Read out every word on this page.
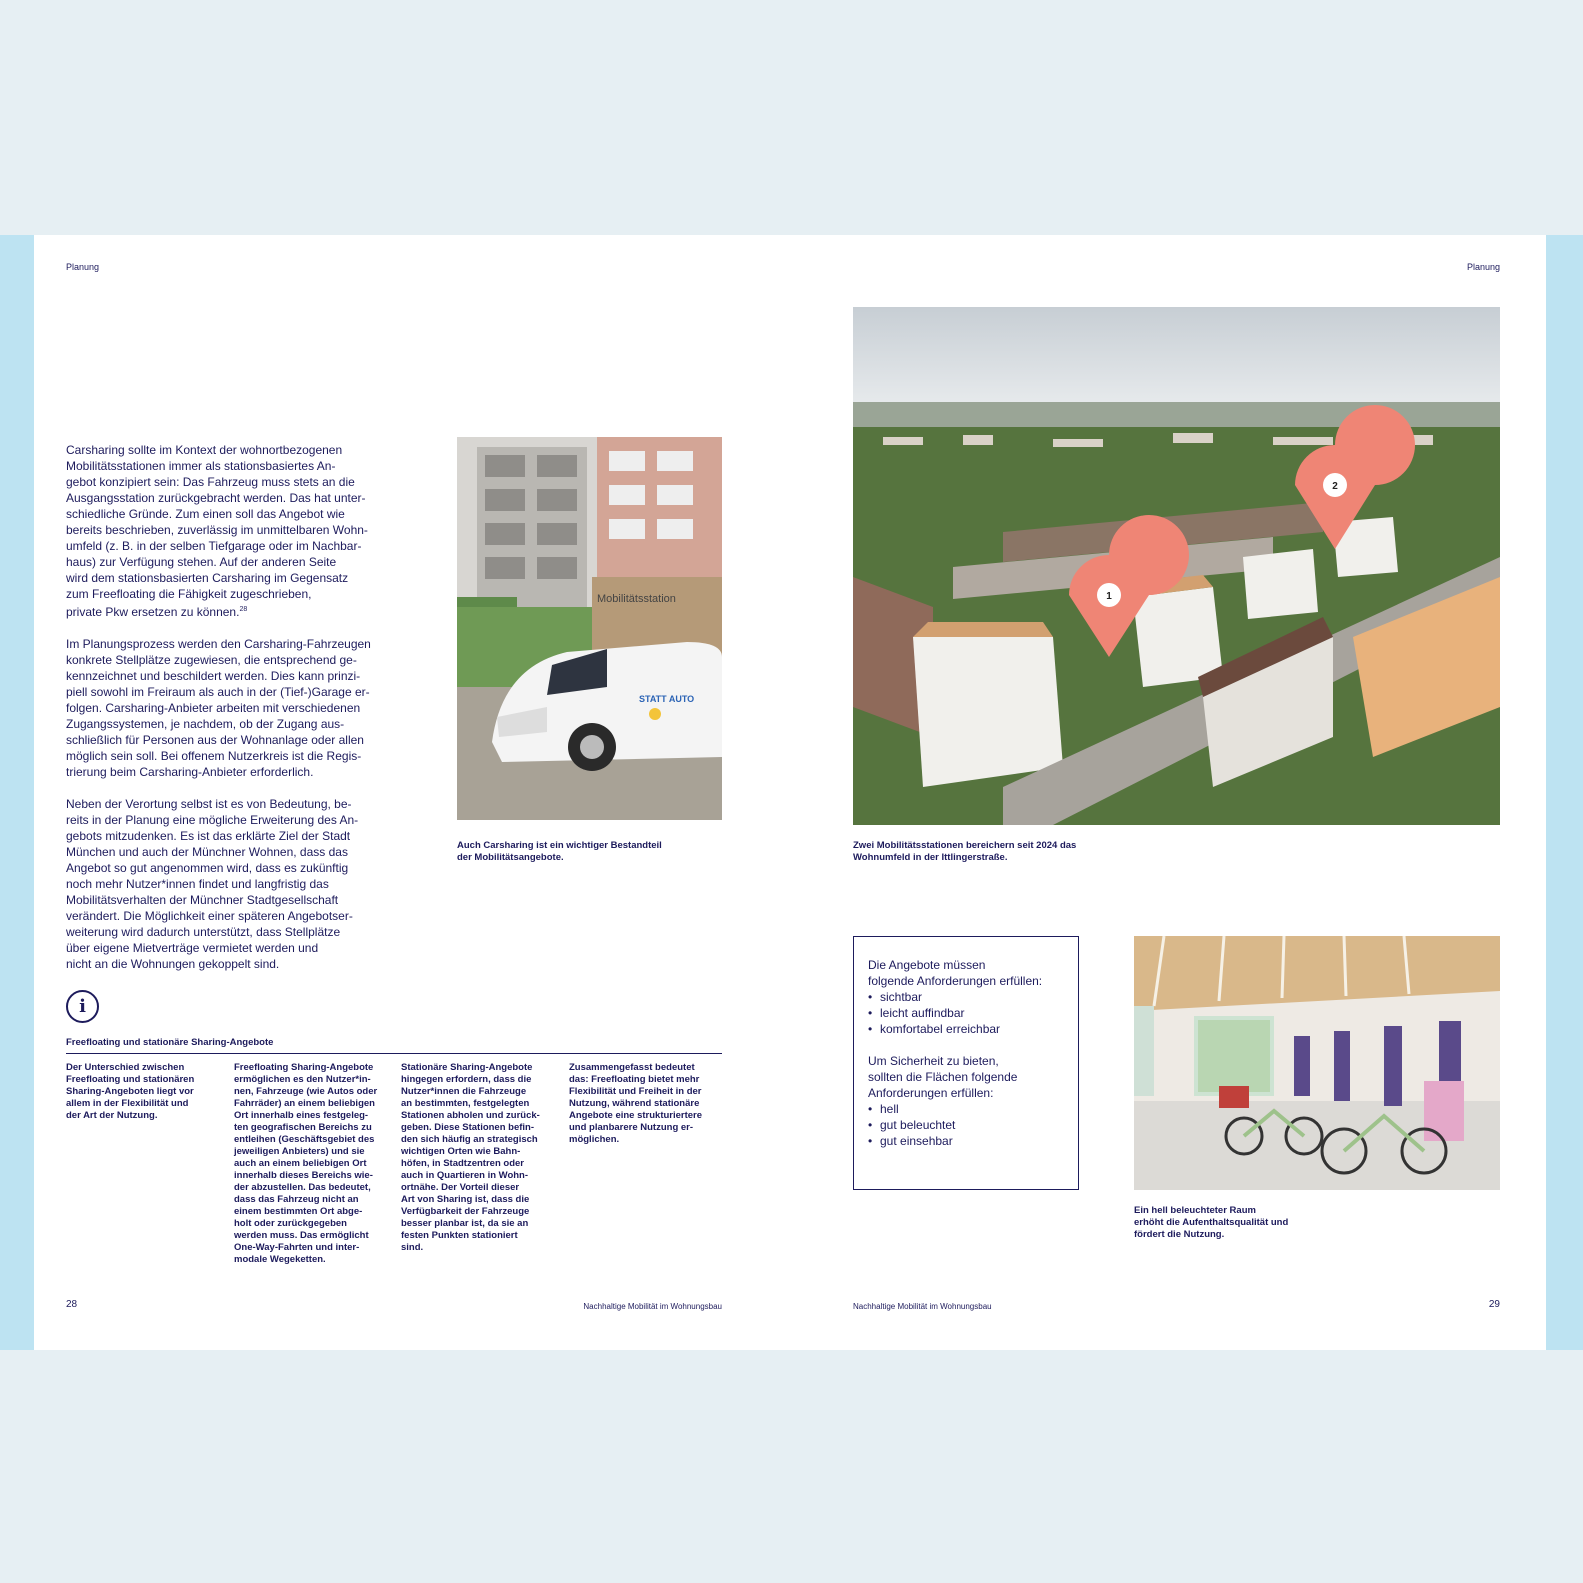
Planung
Carsharing sollte im Kontext der wohnortbezogenen
Mobilitätsstationen immer als stationsbasiertes An-
gebot konzipiert sein: Das Fahrzeug muss stets an die
Ausgangsstation zurückgebracht werden. Das hat unter-
schiedliche Gründe. Zum einen soll das Angebot wie
bereits beschrieben, zuverlässig im unmittelbaren Wohn-
umfeld (z. B. in der selben Tiefgarage oder im Nachbar-
haus) zur Verfügung stehen. Auf der anderen Seite
wird dem stationsbasierten Carsharing im Gegensatz
zum Freefloating die Fähigkeit zugeschrieben,
private Pkw ersetzen zu können.$^{28}$
Im Planungsprozess werden den Carsharing-Fahrzeugen
konkrete Stellplätze zugewiesen, die entsprechend ge-
kennzeichnet und beschildert werden. Dies kann prinzi-
piell sowohl im Freiraum als auch in der (Tief-)Garage er-
folgen. Carsharing-Anbieter arbeiten mit verschiedenen
Zugangssystemen, je nachdem, ob der Zugang aus-
schließlich für Personen aus der Wohnanlage oder allen
möglich sein soll. Bei offenem Nutzerkreis ist die Regis-
trierung beim Carsharing-Anbieter erforderlich.
Neben der Verortung selbst ist es von Bedeutung, be-
reits in der Planung eine mögliche Erweiterung des An-
gebots mitzudenken. Es ist das erklärte Ziel der Stadt
München und auch der Münchner Wohnen, dass das
Angebot so gut angenommen wird, dass es zukünftig
noch mehr Nutzer*innen findet und langfristig das
Mobilitätsverhalten der Münchner Stadtgesellschaft
verändert. Die Möglichkeit einer späteren Angebotser-
weiterung wird dadurch unterstützt, dass Stellplätze
über eigene Mietverträge vermietet werden und
nicht an die Wohnungen gekoppelt sind.
Mobilitätsstation
STATT AUTO
Auch Carsharing ist ein wichtiger Bestandteil
der Mobilitätsangebote.
i
Freefloating und stationäre Sharing-Angebote
Der Unterschied zwischen
Freefloating und stationären
Sharing-Angeboten liegt vor
allem in der Flexibilität und
der Art der Nutzung.
Freefloating Sharing-Angebote
ermöglichen es den Nutzer*in-
nen, Fahrzeuge (wie Autos oder
Fahrräder) an einem beliebigen
Ort innerhalb eines festgeleg-
ten geografischen Bereichs zu
entleihen (Geschäftsgebiet des
jeweiligen Anbieters) und sie
auch an einem beliebigen Ort
innerhalb dieses Bereichs wie-
der abzustellen. Das bedeutet,
dass das Fahrzeug nicht an
einem bestimmten Ort abge-
holt oder zurückgegeben
werden muss. Das ermöglicht
One-Way-Fahrten und inter-
modale Wegeketten.
Stationäre Sharing-Angebote
hingegen erfordern, dass die
Nutzer*innen die Fahrzeuge
an bestimmten, festgelegten
Stationen abholen und zurück-
geben. Diese Stationen befin-
den sich häufig an strategisch
wichtigen Orten wie Bahn-
höfen, in Stadtzentren oder
auch in Quartieren in Wohn-
ortnähe. Der Vorteil dieser
Art von Sharing ist, dass die
Verfügbarkeit der Fahrzeuge
besser planbar ist, da sie an
festen Punkten stationiert
sind.
Zusammengefasst bedeutet
das: Freefloating bietet mehr
Flexibilität und Freiheit in der
Nutzung, während stationäre
Angebote eine strukturiertere
und planbarere Nutzung er-
möglichen.
28	Nachhaltige Mobilität im Wohnungsbau
Planung
1
2
Zwei Mobilitätsstationen bereichern seit 2024 das
Wohnumfeld in der Ittlingerstraße.

Die Angebote müssen
folgende Anforderungen erfüllen:

• sichtbar
• leicht auffindbar
• komfortabel erreichbar

Um Sicherheit zu bieten,
sollten die Flächen folgende
Anforderungen erfüllen:

• hell
• gut beleuchtet
• gut einsehbar
Ein hell beleuchteter Raum
erhöht die Aufenthaltsqualität und
fördert die Nutzung.
Nachhaltige Mobilität im Wohnungsbau	29
